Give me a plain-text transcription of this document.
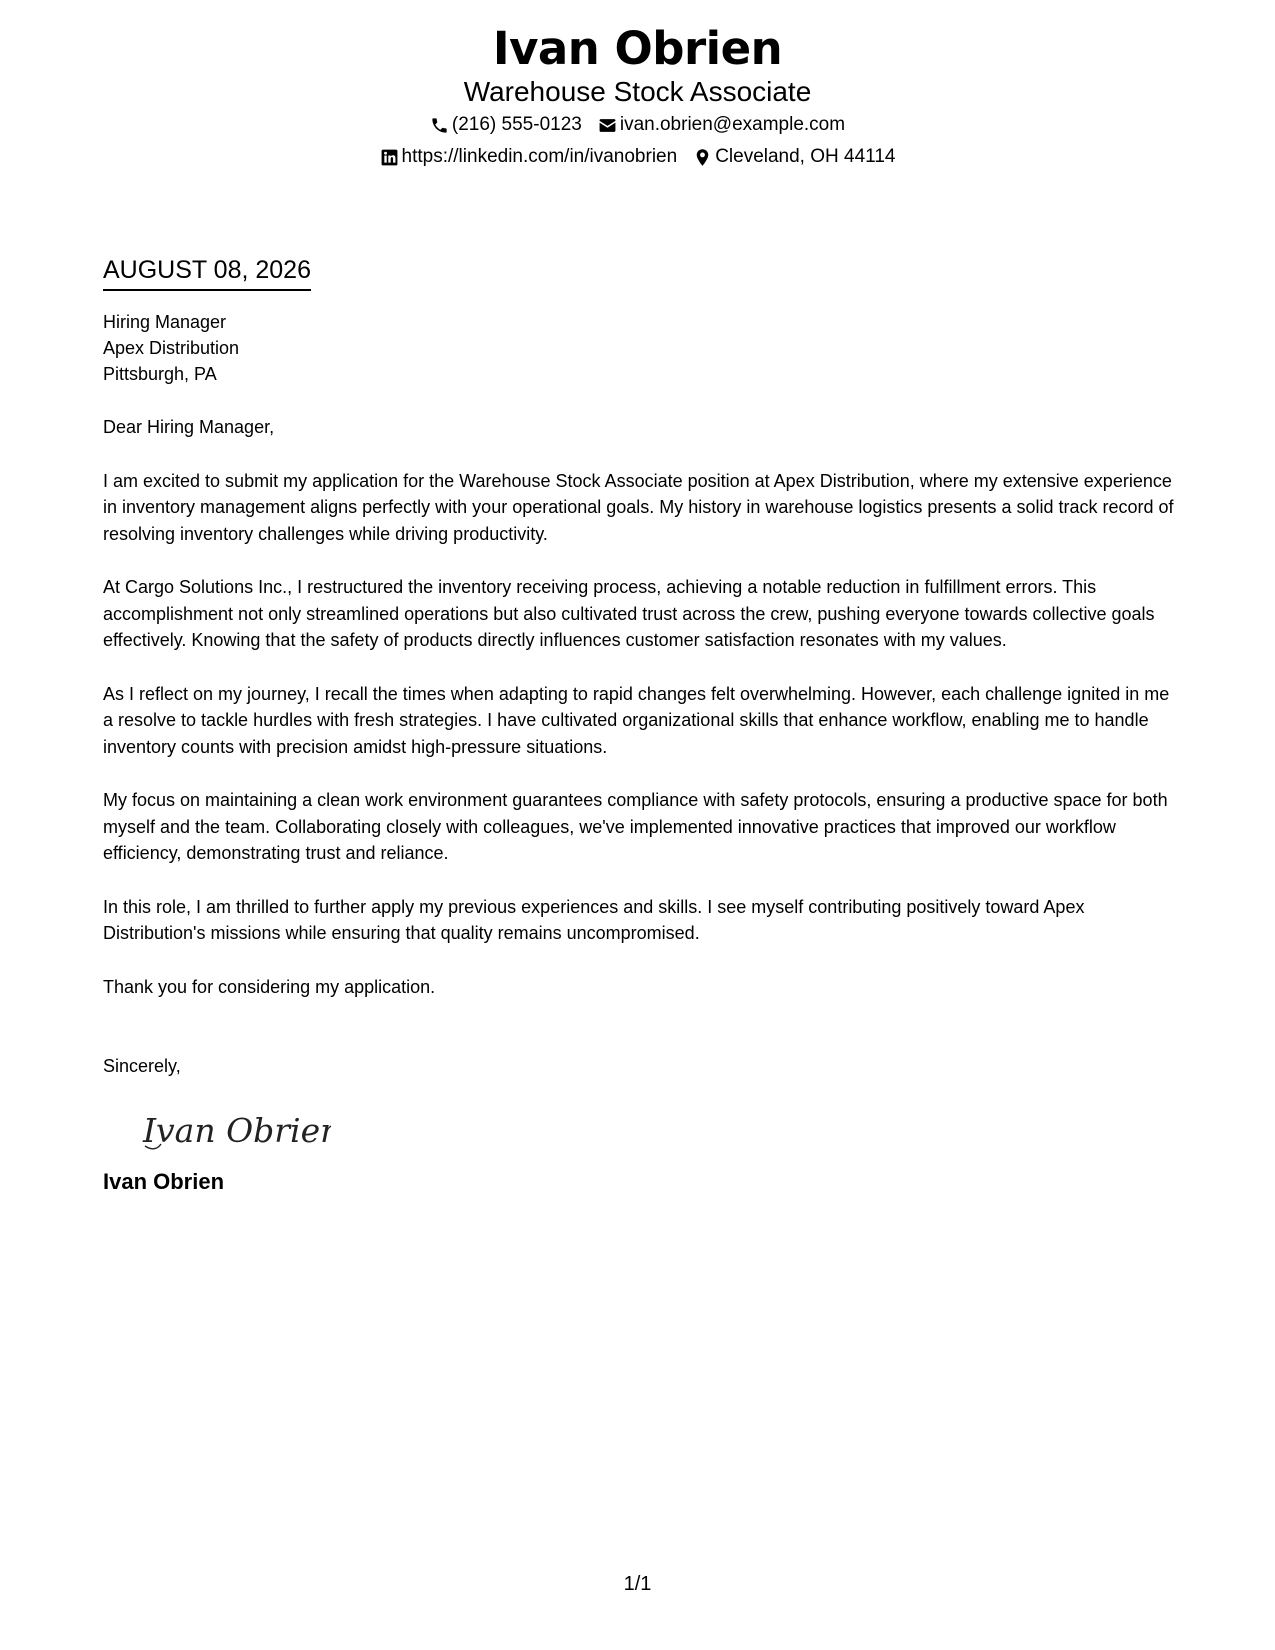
Ivan Obrien
Warehouse Stock Associate
(216) 555-0123 ivan.obrien@example.com
https://linkedin.com/in/ivanobrien Cleveland, OH 44114
AUGUST 08, 2026
Hiring Manager
Apex Distribution
Pittsburgh, PA
Dear Hiring Manager,
I am excited to submit my application for the Warehouse Stock Associate position at Apex Distribution, where my extensive experience in inventory management aligns perfectly with your operational goals. My history in warehouse logistics presents a solid track record of resolving inventory challenges while driving productivity.
At Cargo Solutions Inc., I restructured the inventory receiving process, achieving a notable reduction in fulfillment errors. This accomplishment not only streamlined operations but also cultivated trust across the crew, pushing everyone towards collective goals effectively. Knowing that the safety of products directly influences customer satisfaction resonates with my values.
As I reflect on my journey, I recall the times when adapting to rapid changes felt overwhelming. However, each challenge ignited in me a resolve to tackle hurdles with fresh strategies. I have cultivated organizational skills that enhance workflow, enabling me to handle inventory counts with precision amidst high-pressure situations.
My focus on maintaining a clean work environment guarantees compliance with safety protocols, ensuring a productive space for both myself and the team. Collaborating closely with colleagues, we've implemented innovative practices that improved our workflow efficiency, demonstrating trust and reliance.
In this role, I am thrilled to further apply my previous experiences and skills. I see myself contributing positively toward Apex Distribution's missions while ensuring that quality remains uncompromised.
Thank you for considering my application.
Sincerely,
Ivan Obrien
Ivan Obrien
1/1
